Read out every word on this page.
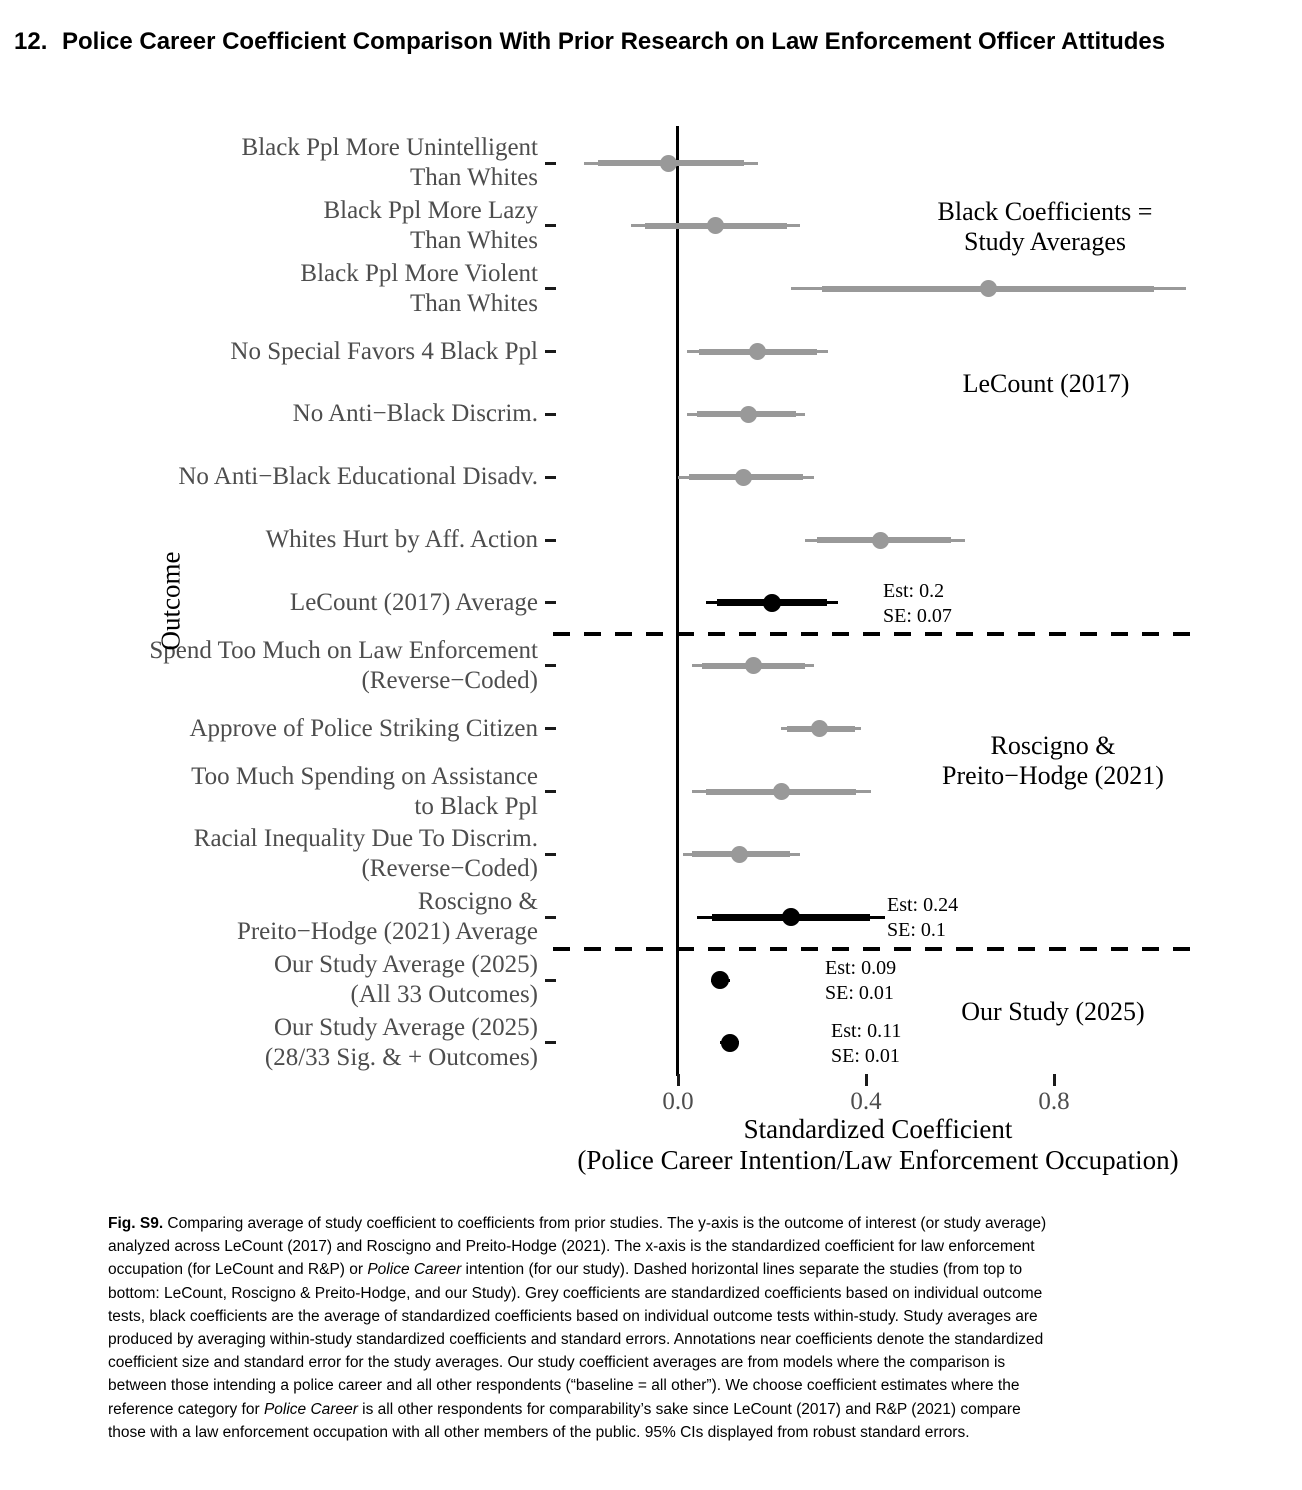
12. Police Career Coefficient Comparison With Prior Research on Law Enforcement Officer Attitudes
Black Ppl More Unintelligent
Than Whites
Black Ppl More Lazy
Than Whites
Black Ppl More Violent
Than Whites
No Special Favors 4 Black Ppl
No Anti−Black Discrim.
No Anti−Black Educational Disadv.
Whites Hurt by Aff. Action
LeCount (2017) Average	Est: 0.2
SE: 0.07
Spend Too Much on Law Enforcement
(Reverse−Coded)
Approve of Police Striking Citizen
Too Much Spending on Assistance
to Black Ppl
Racial Inequality Due To Discrim.
(Reverse−Coded)
Roscigno &
Preito−Hodge (2021) Average
Est: 0.24
SE: 0.1
Our Study Average (2025)
(All 33 Outcomes)
Est: 0.09
SE: 0.01
Our Study Average (2025)
(28/33 Sig. & + Outcomes)
Est: 0.11
SE: 0.01
Black Coefficients =
Study Averages
LeCount (2017)
Roscigno &
Preito−Hodge (2021)
Our Study (2025)
0.0	0.4	0.8
Standardized Coefficient
(Police Career Intention/Law Enforcement Occupation)
Outcome
Fig. S9. Comparing average of study coefficient to coefficients from prior studies. The y-axis is the outcome of interest (or study average)
analyzed across LeCount (2017) and Roscigno and Preito-Hodge (2021). The x-axis is the standardized coefficient for law enforcement
occupation (for LeCount and R&P) or Police Career intention (for our study). Dashed horizontal lines separate the studies (from top to
bottom: LeCount, Roscigno & Preito-Hodge, and our Study). Grey coefficients are standardized coefficients based on individual outcome
tests, black coefficients are the average of standardized coefficients based on individual outcome tests within-study. Study averages are
produced by averaging within-study standardized coefficients and standard errors. Annotations near coefficients denote the standardized
coefficient size and standard error for the study averages. Our study coefficient averages are from models where the comparison is
between those intending a police career and all other respondents (“baseline = all other”). We choose coefficient estimates where the
reference category for Police Career is all other respondents for comparability’s sake since LeCount (2017) and R&P (2021) compare
those with a law enforcement occupation with all other members of the public. 95% CIs displayed from robust standard errors.
